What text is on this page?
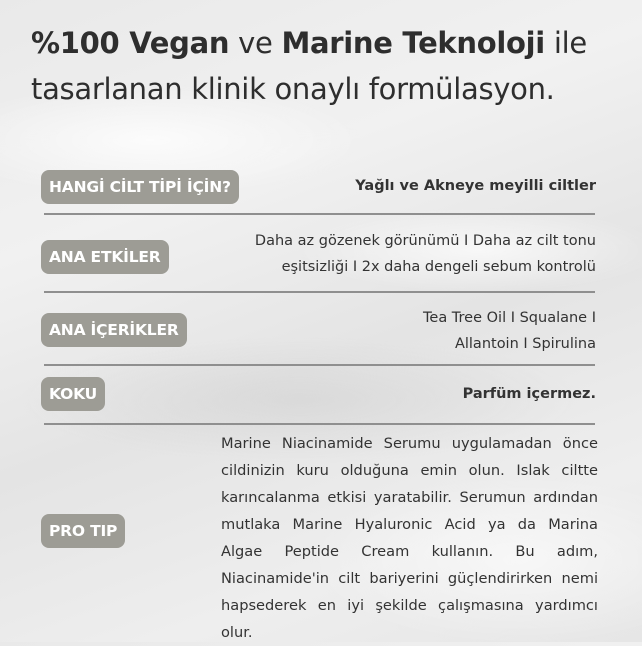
%100 Vegan ve Marine Teknoloji ile tasarlanan klinik onaylı formülasyon.
HANGİ CİLT TİPİ İÇİN?	Yağlı ve Akneye meyilli ciltler
ANA ETKİLER
Daha az gözenek görünümü I Daha az cilt tonu
eşitsizliği I 2x daha dengeli sebum kontrolü
ANA İÇERİKLER
Tea Tree Oil I Squalane I
Allantoin I Spirulina
KOKU	Parfüm içermez.
PRO TIP
Marine Niacinamide Serumu uygulamadan önce cildinizin kuru olduğuna emin olun. Islak ciltte karıncalanma etkisi yaratabilir. Serumun ardından mutlaka Marine Hyaluronic Acid ya da Marina Algae Peptide Cream kullanın. Bu adım, Niacinamide'in cilt bariyerini güçlendirirken nemi hapsederek en iyi şekilde çalışmasına yardımcı olur.
